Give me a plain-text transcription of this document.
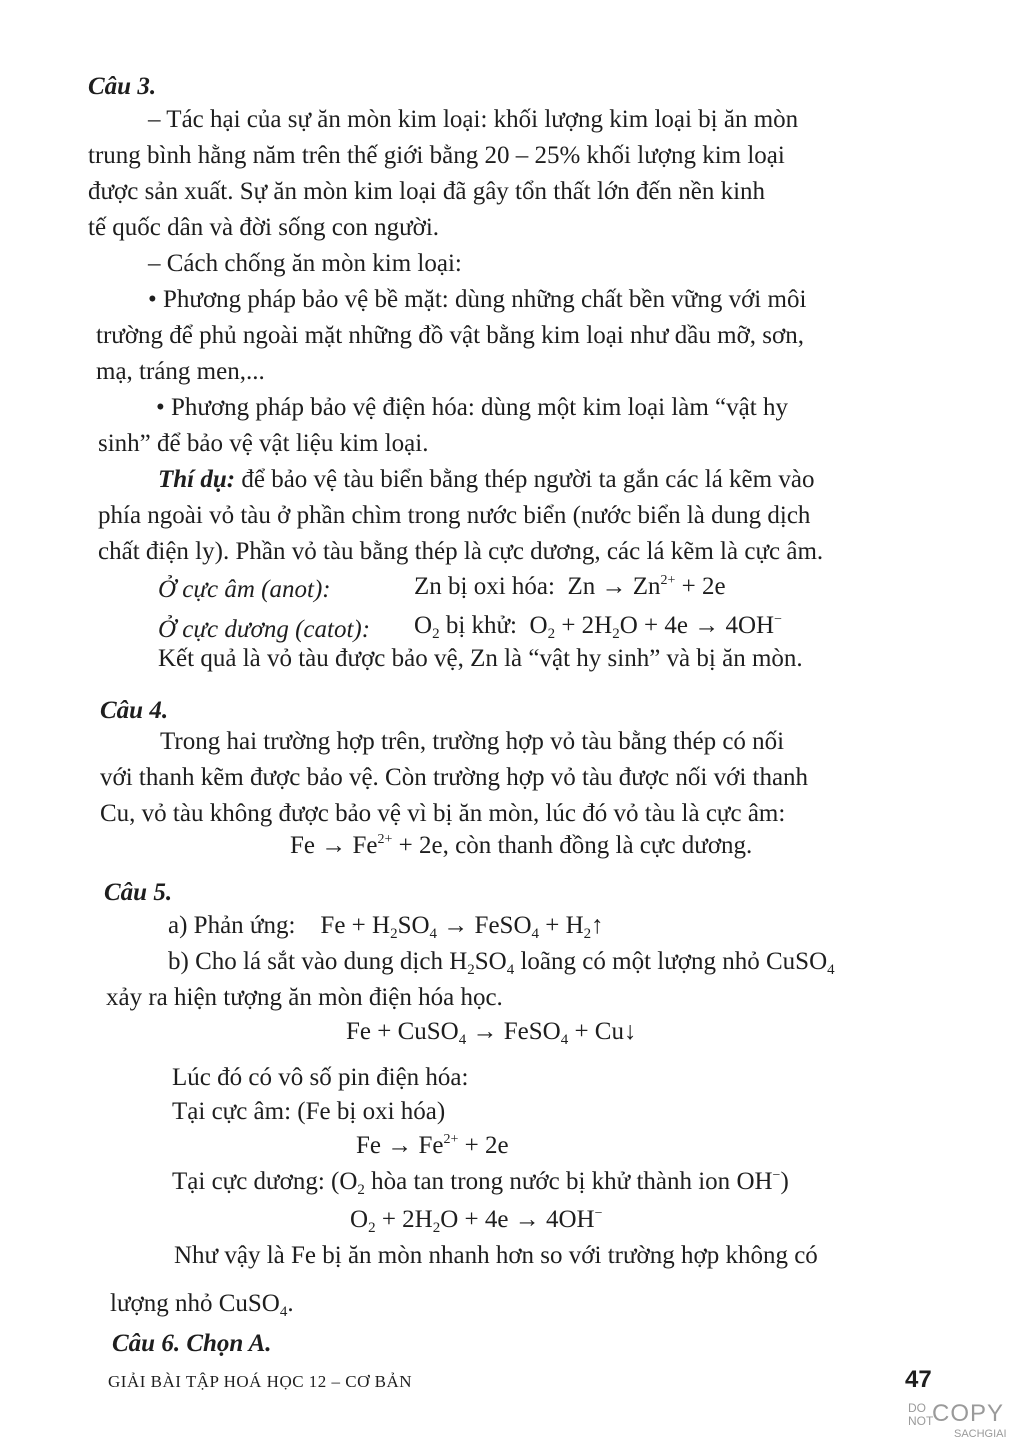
Câu 3.
– Tác hại của sự ăn mòn kim loại: khối lượng kim loại bị ăn mòn
trung bình hằng năm trên thế giới bằng 20 – 25% khối lượng kim loại
được sản xuất. Sự ăn mòn kim loại đã gây tổn thất lớn đến nền kinh
tế quốc dân và đời sống con người.
– Cách chống ăn mòn kim loại:
• Phương pháp bảo vệ bề mặt: dùng những chất bền vững với môi
trường để phủ ngoài mặt những đồ vật bằng kim loại như dầu mỡ, sơn,
mạ, tráng men,...
• Phương pháp bảo vệ điện hóa: dùng một kim loại làm “vật hy
sinh” để bảo vệ vật liệu kim loại.
Thí dụ: để bảo vệ tàu biển bằng thép người ta gắn các lá kẽm vào
phía ngoài vỏ tàu ở phần chìm trong nước biển (nước biển là dung dịch
chất điện ly). Phần vỏ tàu bằng thép là cực dương, các lá kẽm là cực âm.
Ở cực âm (anot):	Zn bị oxi hóa:  $Zn \to Zn^{2+} + 2e$
Ở cực dương (catot): $O_2$ bị khử:  $O_2 + 2H_2O + 4e \to 4OH^-$
Kết quả là vỏ tàu được bảo vệ, Zn là “vật hy sinh” và bị ăn mòn.
Câu 4.
Trong hai trường hợp trên, trường hợp vỏ tàu bằng thép có nối
với thanh kẽm được bảo vệ. Còn trường hợp vỏ tàu được nối với thanh
Cu, vỏ tàu không được bảo vệ vì bị ăn mòn, lúc đó vỏ tàu là cực âm:
$Fe \to Fe^{2+} + 2e$, còn thanh đồng là cực dương.
Câu 5.
a) Phản ứng:    $Fe + H_2SO_4$ → FeSO$_4$ + $H_2↑$
b) Cho lá sắt vào dung dịch $H_2SO_4$ loãng có một lượng nhỏ CuSO$_4$
xảy ra hiện tượng ăn mòn điện hóa học.
Fe + CuSO$_4$ → FeSO$_4$ + Cu↓
Lúc đó có vô số pin điện hóa:
Tại cực âm: (Fe bị oxi hóa)
$Fe \to Fe^{2+} + 2e$
Tại cực dương: ($O_2$ hòa tan trong nước bị khử thành ion OH−)
$O_2 + 2H_2O + 4e \to 4OH^-$
Như vậy là Fe bị ăn mòn nhanh hơn so với trường hợp không có
lượng nhỏ CuSO$_4$.
Câu 6. Chọn A.
GIẢI BÀI TẬP HOÁ HỌC 12 – CƠ BẢN	47
DO
NOT
COPY
SACHGIAI
